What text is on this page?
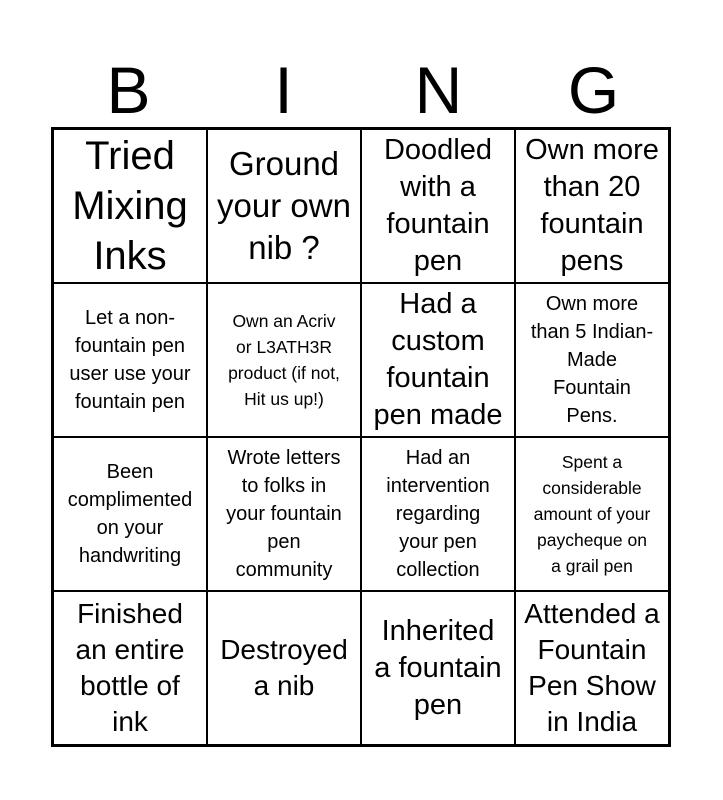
B	I	N	G
Tried
Mixing
Inks
Ground
your own
nib ?
Doodled
with a
fountain
pen
Own more
than 20
fountain
pens
Let a non-
fountain pen
user use your
fountain pen
Own an Acriv
or L3ATH3R
product (if not,
Hit us up!)
Had a
custom
fountain
pen made
Own more
than 5 Indian-
Made
Fountain
Pens.
Been
complimented
on your
handwriting
Wrote letters
to folks in
your fountain
pen
community
Had an
intervention
regarding
your pen
collection
Spent a
considerable
amount of your
paycheque on
a grail pen
Finished
an entire
bottle of
ink
Destroyed
a nib
Inherited
a fountain
pen
Attended a
Fountain
Pen Show
in India
